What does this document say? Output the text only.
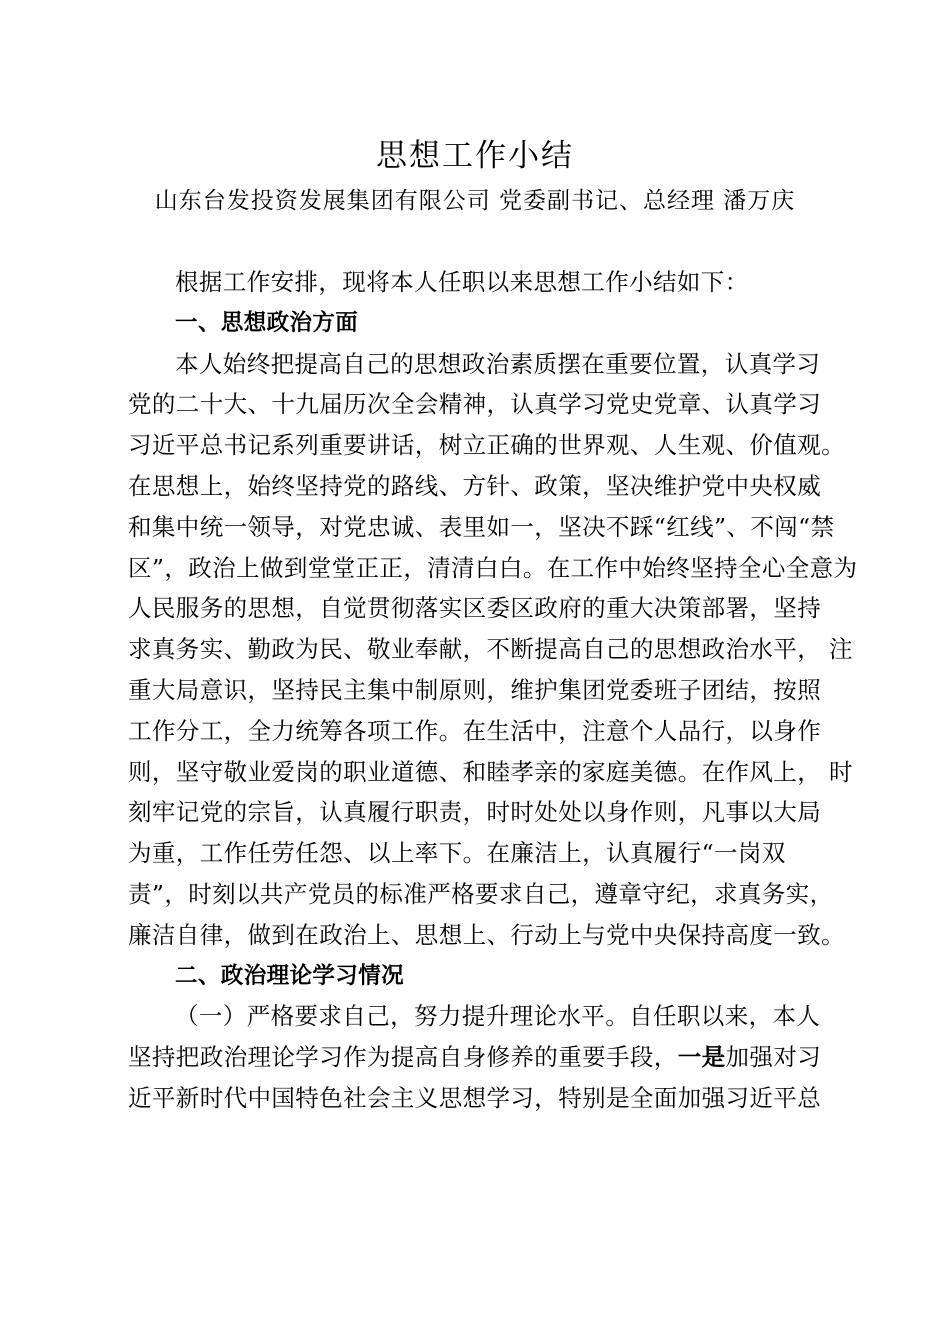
思想工作小结
山东台发投资发展集团有限公司 党委副书记、总经理 潘万庆
根据工作安排，现将本人任职以来思想工作小结如下：
一、思想政治方面
本人始终把提高自己的思想政治素质摆在重要位置，认真学习
党的二十大、十九届历次全会精神，认真学习党史党章、认真学习
习近平总书记系列重要讲话，树立正确的世界观、人生观、价值观。
在思想上，始终坚持党的路线、方针、政策，坚决维护党中央权威
和集中统一领导，对党忠诚、表里如一，坚决不踩“红线”、不闯“禁
区”，政治上做到堂堂正正，清清白白。在工作中始终坚持全心全意为
人民服务的思想，自觉贯彻落实区委区政府的重大决策部署，坚持
求真务实、勤政为民、敬业奉献，不断提高自己的思想政治水平， 注
重大局意识，坚持民主集中制原则，维护集团党委班子团结，按照
工作分工，全力统筹各项工作。在生活中，注意个人品行，以身作
则，坚守敬业爱岗的职业道德、和睦孝亲的家庭美德。在作风上， 时
刻牢记党的宗旨，认真履行职责，时时处处以身作则，凡事以大局
为重，工作任劳任怨、以上率下。在廉洁上，认真履行“一岗双
责”，时刻以共产党员的标准严格要求自己，遵章守纪，求真务实，
廉洁自律，做到在政治上、思想上、行动上与党中央保持高度一致。
二、政治理论学习情况
（一）严格要求自己，努力提升理论水平。自任职以来，本人
坚持把政治理论学习作为提高自身修养的重要手段，一是加强对习
近平新时代中国特色社会主义思想学习，特别是全面加强习近平总
